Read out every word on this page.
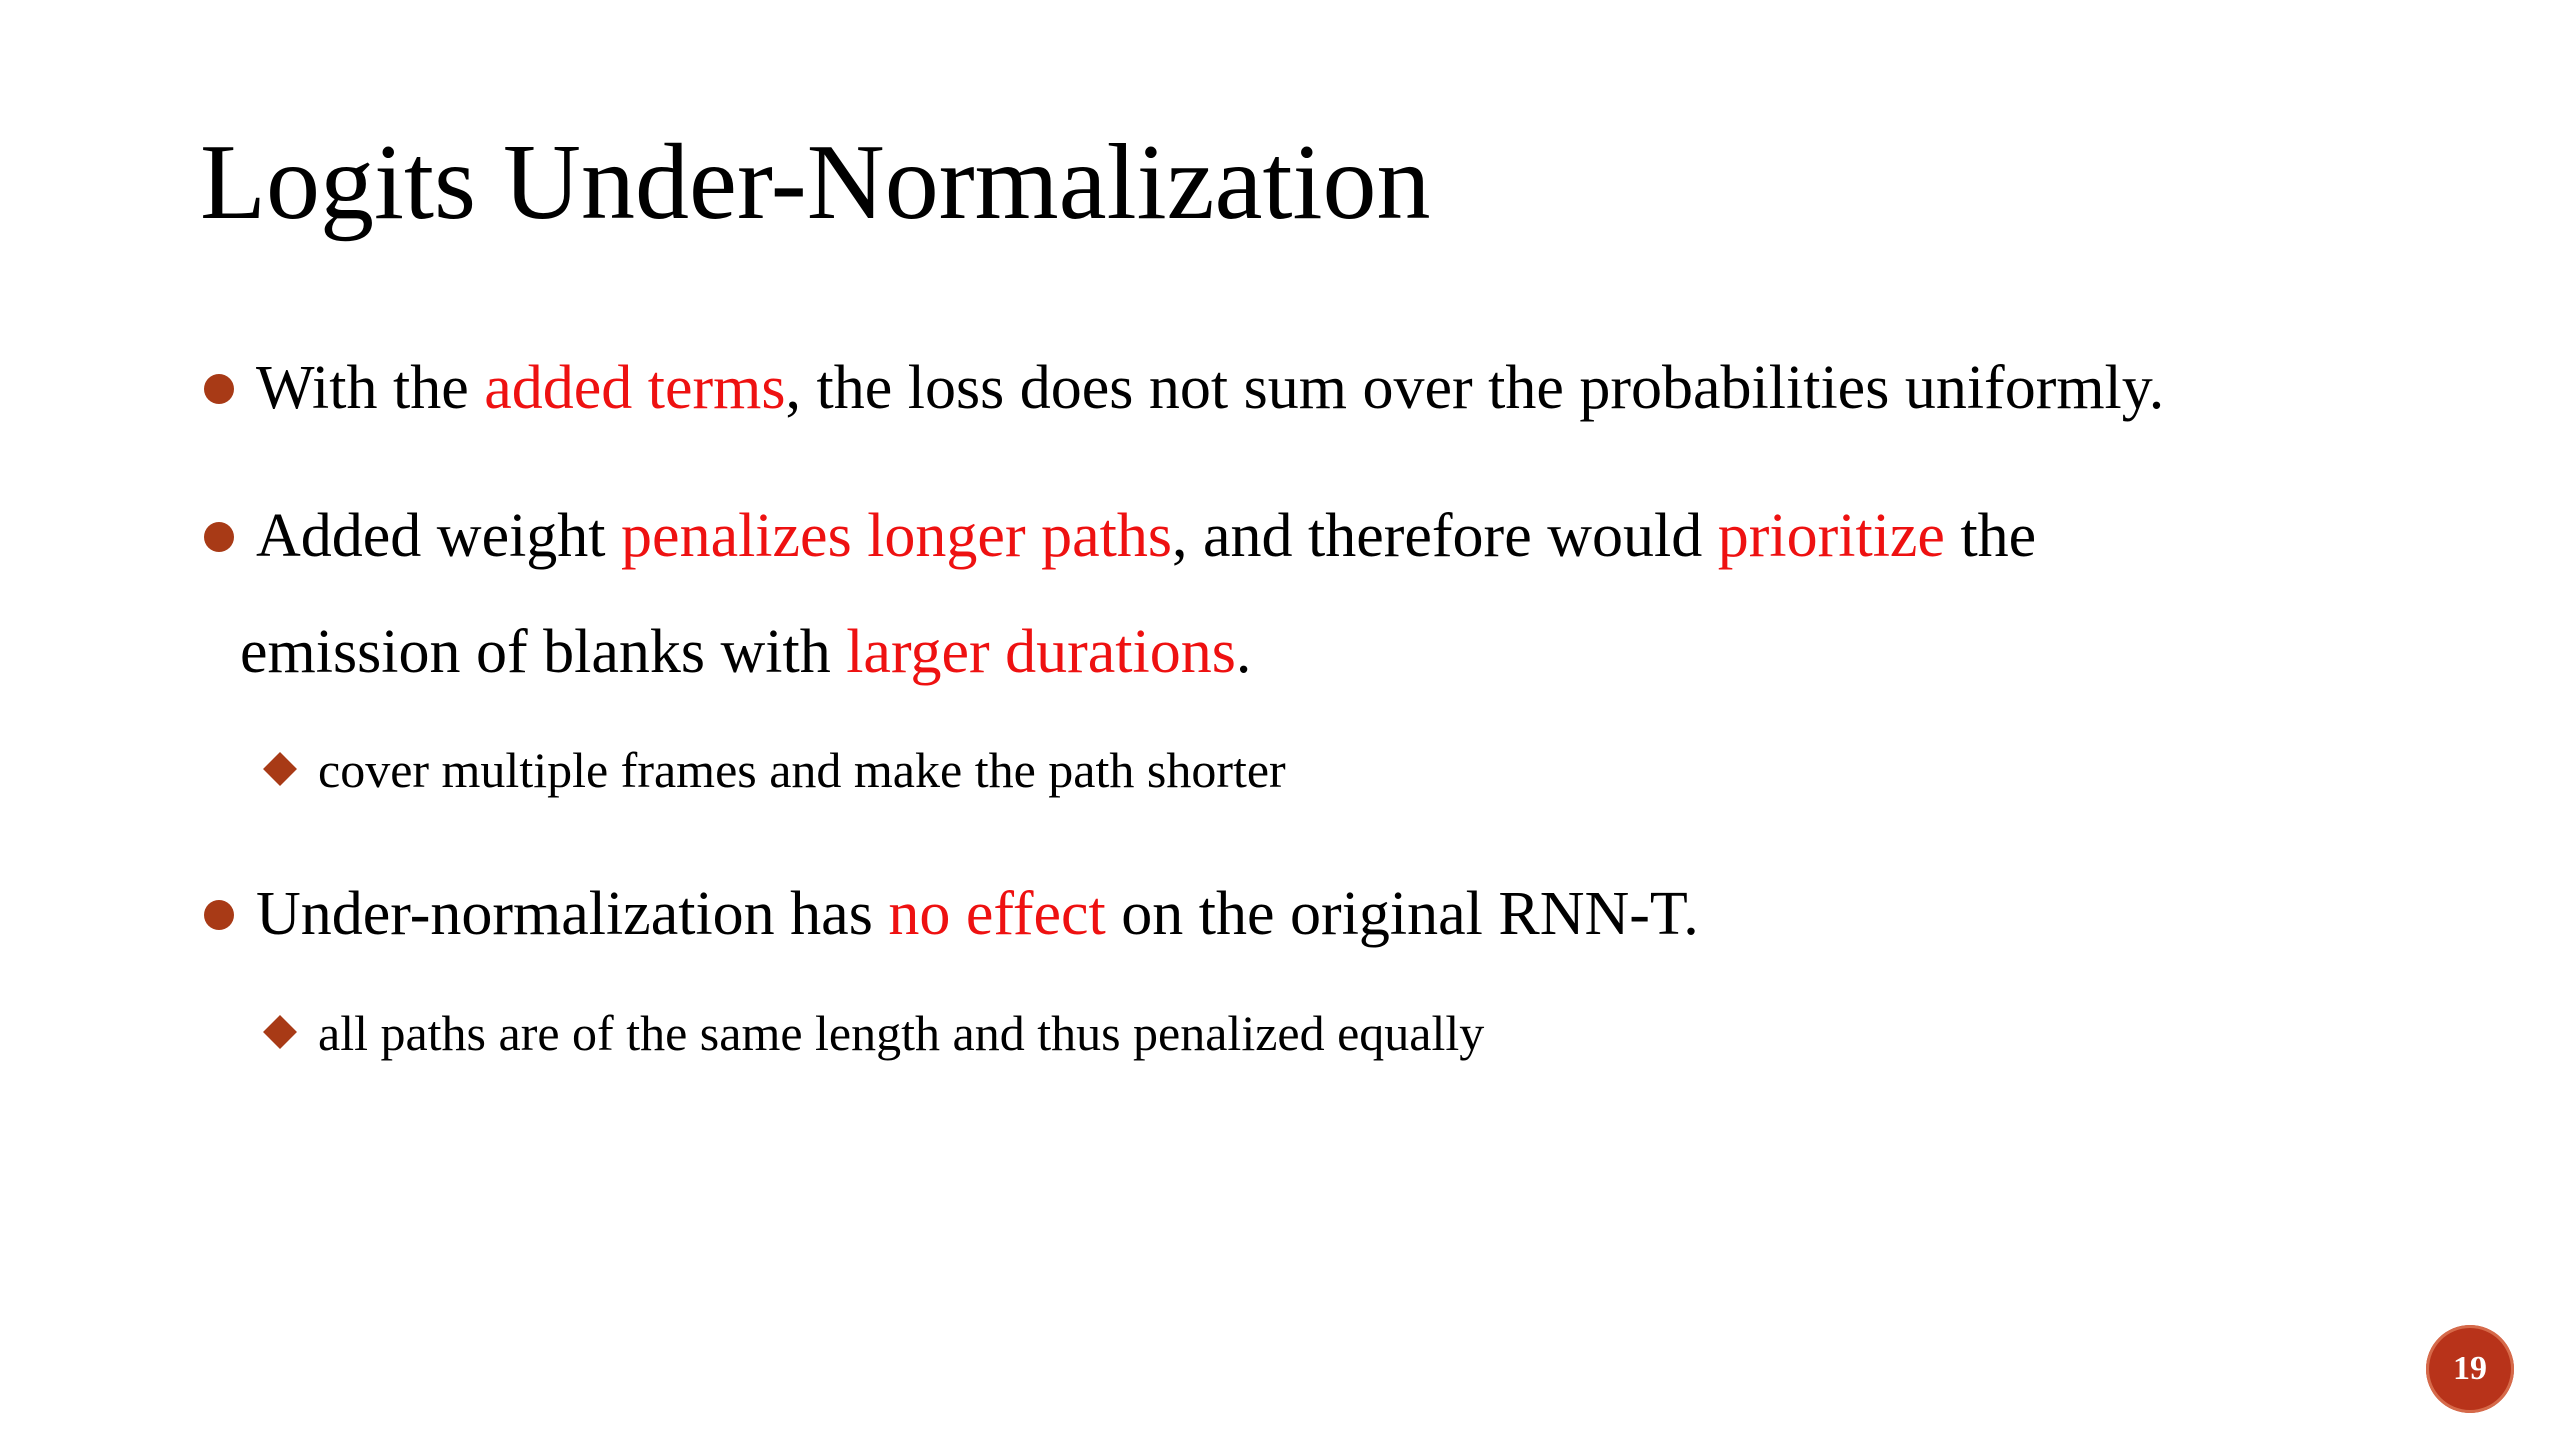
Logits Under-Normalization
With the added terms, the loss does not sum over the probabilities uniformly.
Added weight penalizes longer paths, and therefore would prioritize the
emission of blanks with larger durations.
cover multiple frames and make the path shorter
Under-normalization has no effect on the original RNN-T.
all paths are of the same length and thus penalized equally
19
